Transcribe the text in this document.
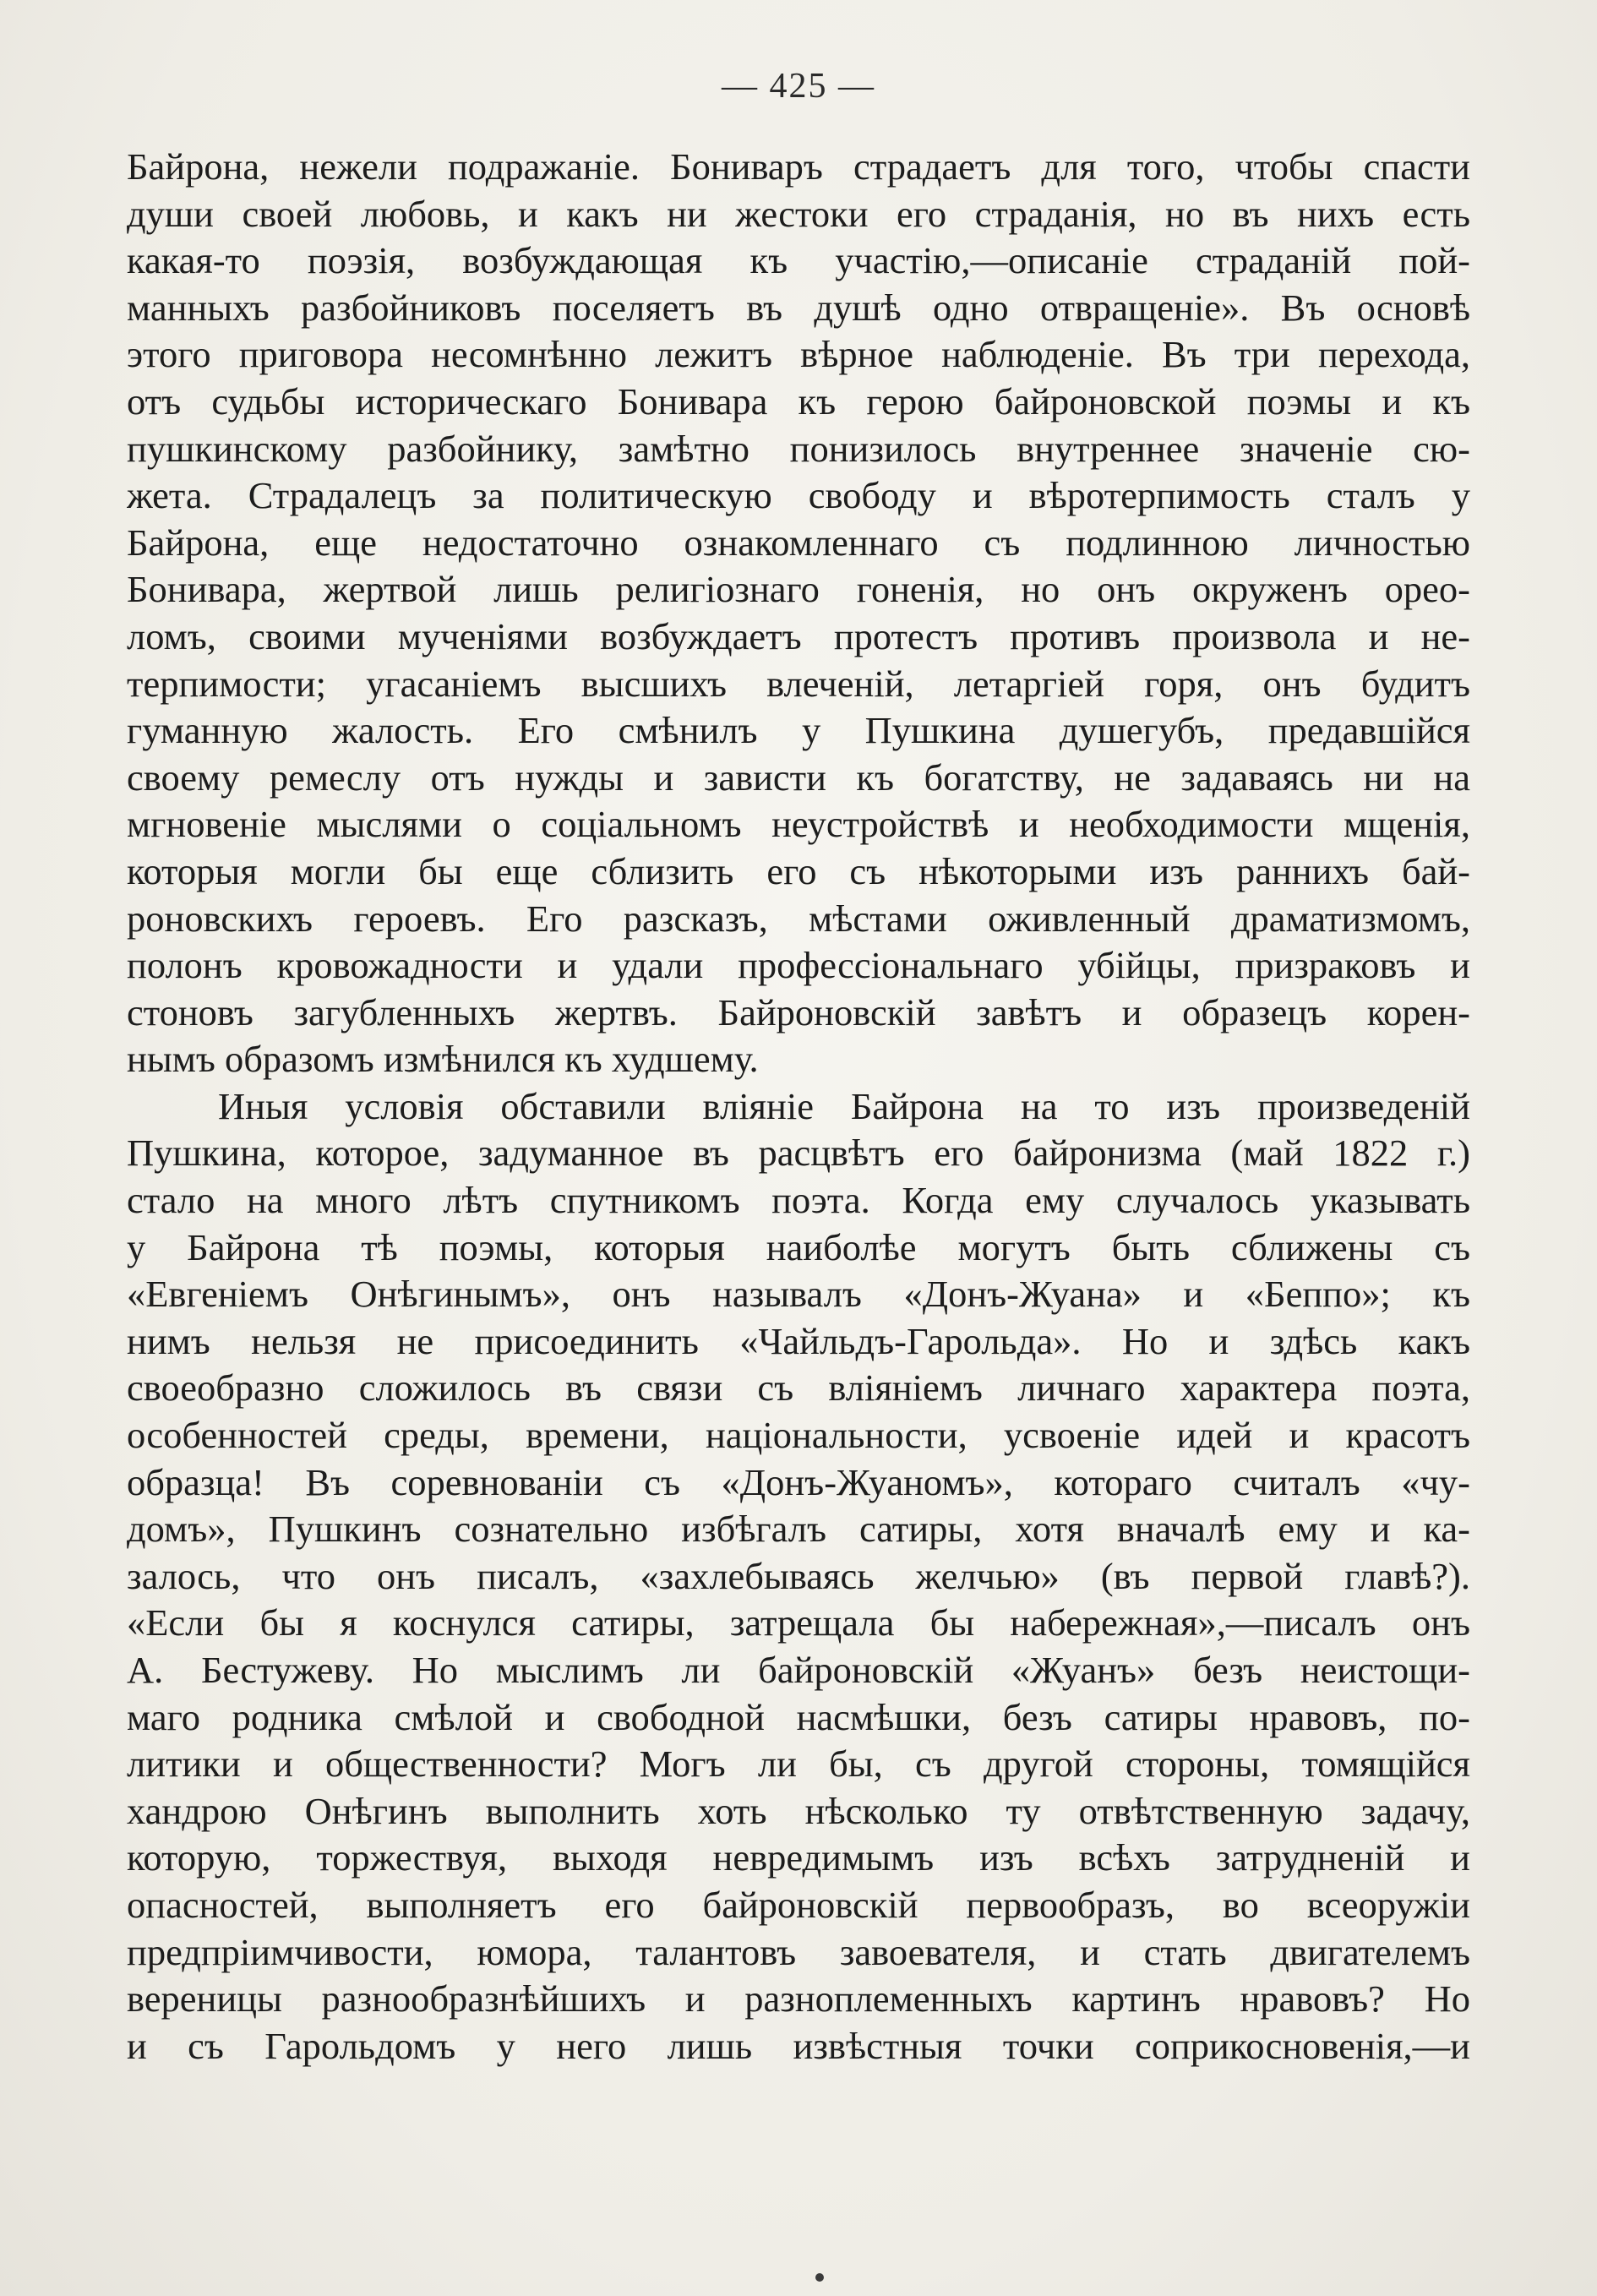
— 425 —
Байрона, нежели подражаніе. Бониваръ страдаетъ для того, чтобы спасти
души своей любовь, и какъ ни жестоки его страданія, но въ нихъ есть
какая-то поэзія, возбуждающая къ участію,—описаніе страданій пой-
манныхъ разбойниковъ поселяетъ въ душѣ одно отвращеніе». Въ основѣ
этого приговора несомнѣнно лежитъ вѣрное наблюденіе. Въ три перехода,
отъ судьбы историческаго Бонивара къ герою байроновской поэмы и къ
пушкинскому разбойнику, замѣтно понизилось внутреннее значеніе сю-
жета. Страдалецъ за политическую свободу и вѣротерпимость сталъ у
Байрона, еще недостаточно ознакомленнаго съ подлинною личностью
Бонивара, жертвой лишь религіознаго гоненія, но онъ окруженъ орео-
ломъ, своими мученіями возбуждаетъ протестъ противъ произвола и не-
терпимости; угасаніемъ высшихъ влеченій, летаргіей горя, онъ будитъ
гуманную жалость. Его смѣнилъ у Пушкина душегубъ, предавшійся
своему ремеслу отъ нужды и зависти къ богатству, не задаваясь ни на
мгновеніе мыслями о соціальномъ неустройствѣ и необходимости мщенія,
которыя могли бы еще сблизить его съ нѣкоторыми изъ раннихъ бай-
роновскихъ героевъ. Его разсказъ, мѣстами оживленный драматизмомъ,
полонъ кровожадности и удали профессіональнаго убійцы, призраковъ и
стоновъ загубленныхъ жертвъ. Байроновскій завѣтъ и образецъ корен-
нымъ образомъ измѣнился къ худшему.
Иныя условія обставили вліяніе Байрона на то изъ произведеній
Пушкина, которое, задуманное въ расцвѣтъ его байронизма (май 1822 г.)
стало на много лѣтъ спутникомъ поэта. Когда ему случалось указывать
у Байрона тѣ поэмы, которыя наиболѣе могутъ быть сближены съ
«Евгеніемъ Онѣгинымъ», онъ называлъ «Донъ-Жуана» и «Беппо»; къ
нимъ нельзя не присоединить «Чайльдъ-Гарольда». Но и здѣсь какъ
своеобразно сложилось въ связи съ вліяніемъ личнаго характера поэта,
особенностей среды, времени, національности, усвоеніе идей и красотъ
образца! Въ соревнованіи съ «Донъ-Жуаномъ», котораго считалъ «чу-
домъ», Пушкинъ сознательно избѣгалъ сатиры, хотя вначалѣ ему и ка-
залось, что онъ писалъ, «захлебываясь желчью» (въ первой главѣ?).
«Если бы я коснулся сатиры, затрещала бы набережная»,—писалъ онъ
А. Бестужеву. Но мыслимъ ли байроновскій «Жуанъ» безъ неистощи-
маго родника смѣлой и свободной насмѣшки, безъ сатиры нравовъ, по-
литики и общественности? Могъ ли бы, съ другой стороны, томящійся
хандрою Онѣгинъ выполнить хоть нѣсколько ту отвѣтственную задачу,
которую, торжествуя, выходя невредимымъ изъ всѣхъ затрудненій и
опасностей, выполняетъ его байроновскій первообразъ, во всеоружіи
предпріимчивости, юмора, талантовъ завоевателя, и стать двигателемъ
вереницы разнообразнѣйшихъ и разноплеменныхъ картинъ нравовъ? Но
и съ Гарольдомъ у него лишь извѣстныя точки соприкосновенія,—и
